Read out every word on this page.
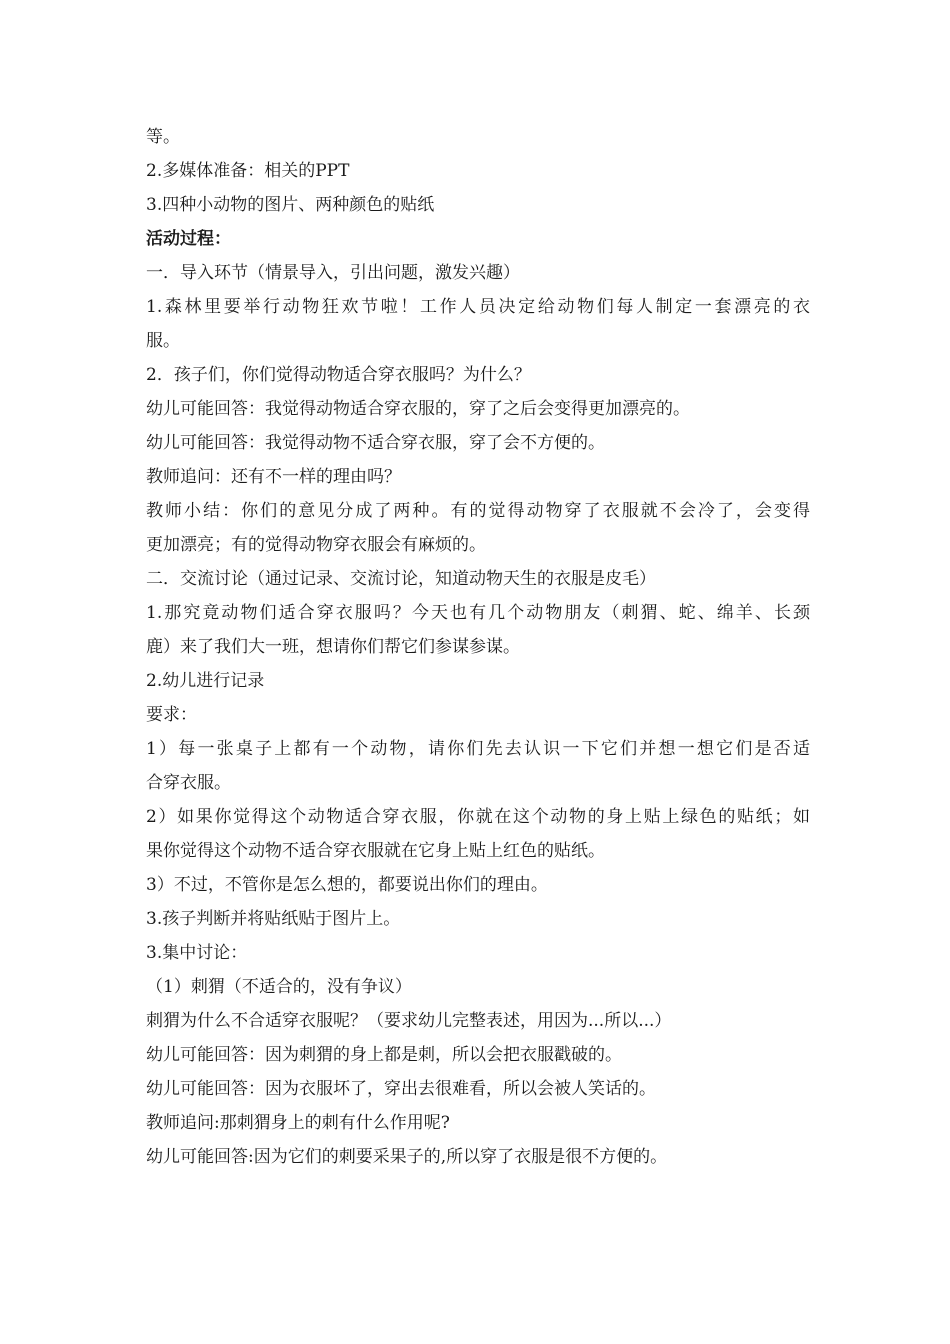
等。
2.多媒体准备：相关的PPT
3.四种小动物的图片、两种颜色的贴纸
活动过程：
一．导入环节（情景导入，引出问题，激发兴趣）
1.森林里要举行动物狂欢节啦！工作人员决定给动物们每人制定一套漂亮的衣
服。
2．孩子们，你们觉得动物适合穿衣服吗？为什么？
幼儿可能回答：我觉得动物适合穿衣服的，穿了之后会变得更加漂亮的。
幼儿可能回答：我觉得动物不适合穿衣服，穿了会不方便的。
教师追问：还有不一样的理由吗？
教师小结：你们的意见分成了两种。有的觉得动物穿了衣服就不会冷了，会变得
更加漂亮；有的觉得动物穿衣服会有麻烦的。
二．交流讨论（通过记录、交流讨论，知道动物天生的衣服是皮毛）
1.那究竟动物们适合穿衣服吗？今天也有几个动物朋友（刺猬、蛇、绵羊、长颈
鹿）来了我们大一班，想请你们帮它们参谋参谋。
2.幼儿进行记录
要求：
1）每一张桌子上都有一个动物，请你们先去认识一下它们并想一想它们是否适
合穿衣服。
2）如果你觉得这个动物适合穿衣服，你就在这个动物的身上贴上绿色的贴纸；如
果你觉得这个动物不适合穿衣服就在它身上贴上红色的贴纸。
3）不过，不管你是怎么想的，都要说出你们的理由。
3.孩子判断并将贴纸贴于图片上。
3.集中讨论：
（1）刺猬（不适合的，没有争议）
刺猬为什么不合适穿衣服呢？（要求幼儿完整表述，用因为...所以...）
幼儿可能回答：因为刺猬的身上都是刺，所以会把衣服戳破的。
幼儿可能回答：因为衣服坏了，穿出去很难看，所以会被人笑话的。
教师追问:那刺猬身上的刺有什么作用呢?
幼儿可能回答:因为它们的刺要采果子的,所以穿了衣服是很不方便的。
